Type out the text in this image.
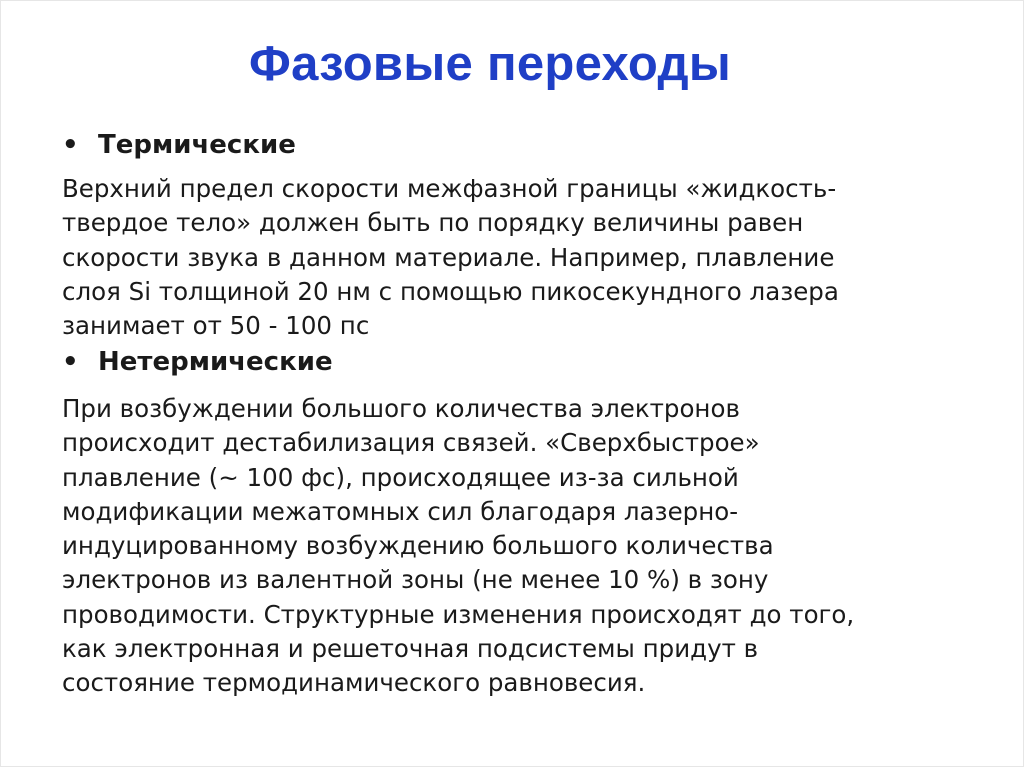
Фазовые переходы
• Термические
Верхний предел скорости межфазной границы «жидкость-
твердое тело» должен быть по порядку величины равен
скорости звука в данном материале. Например, плавление
слоя Si толщиной 20 нм с помощью пикосекундного лазера
занимает от 50 - 100 пс
• Нетермические
При возбуждении большого количества электронов
происходит дестабилизация связей. «Сверхбыстрое»
плавление (~ 100 фс), происходящее из-за сильной
модификации межатомных сил благодаря лазерно-
индуцированному возбуждению большого количества
электронов из валентной зоны (не менее 10 %) в зону
проводимости. Структурные изменения происходят до того,
как электронная и решеточная подсистемы придут в
состояние термодинамического равновесия.
